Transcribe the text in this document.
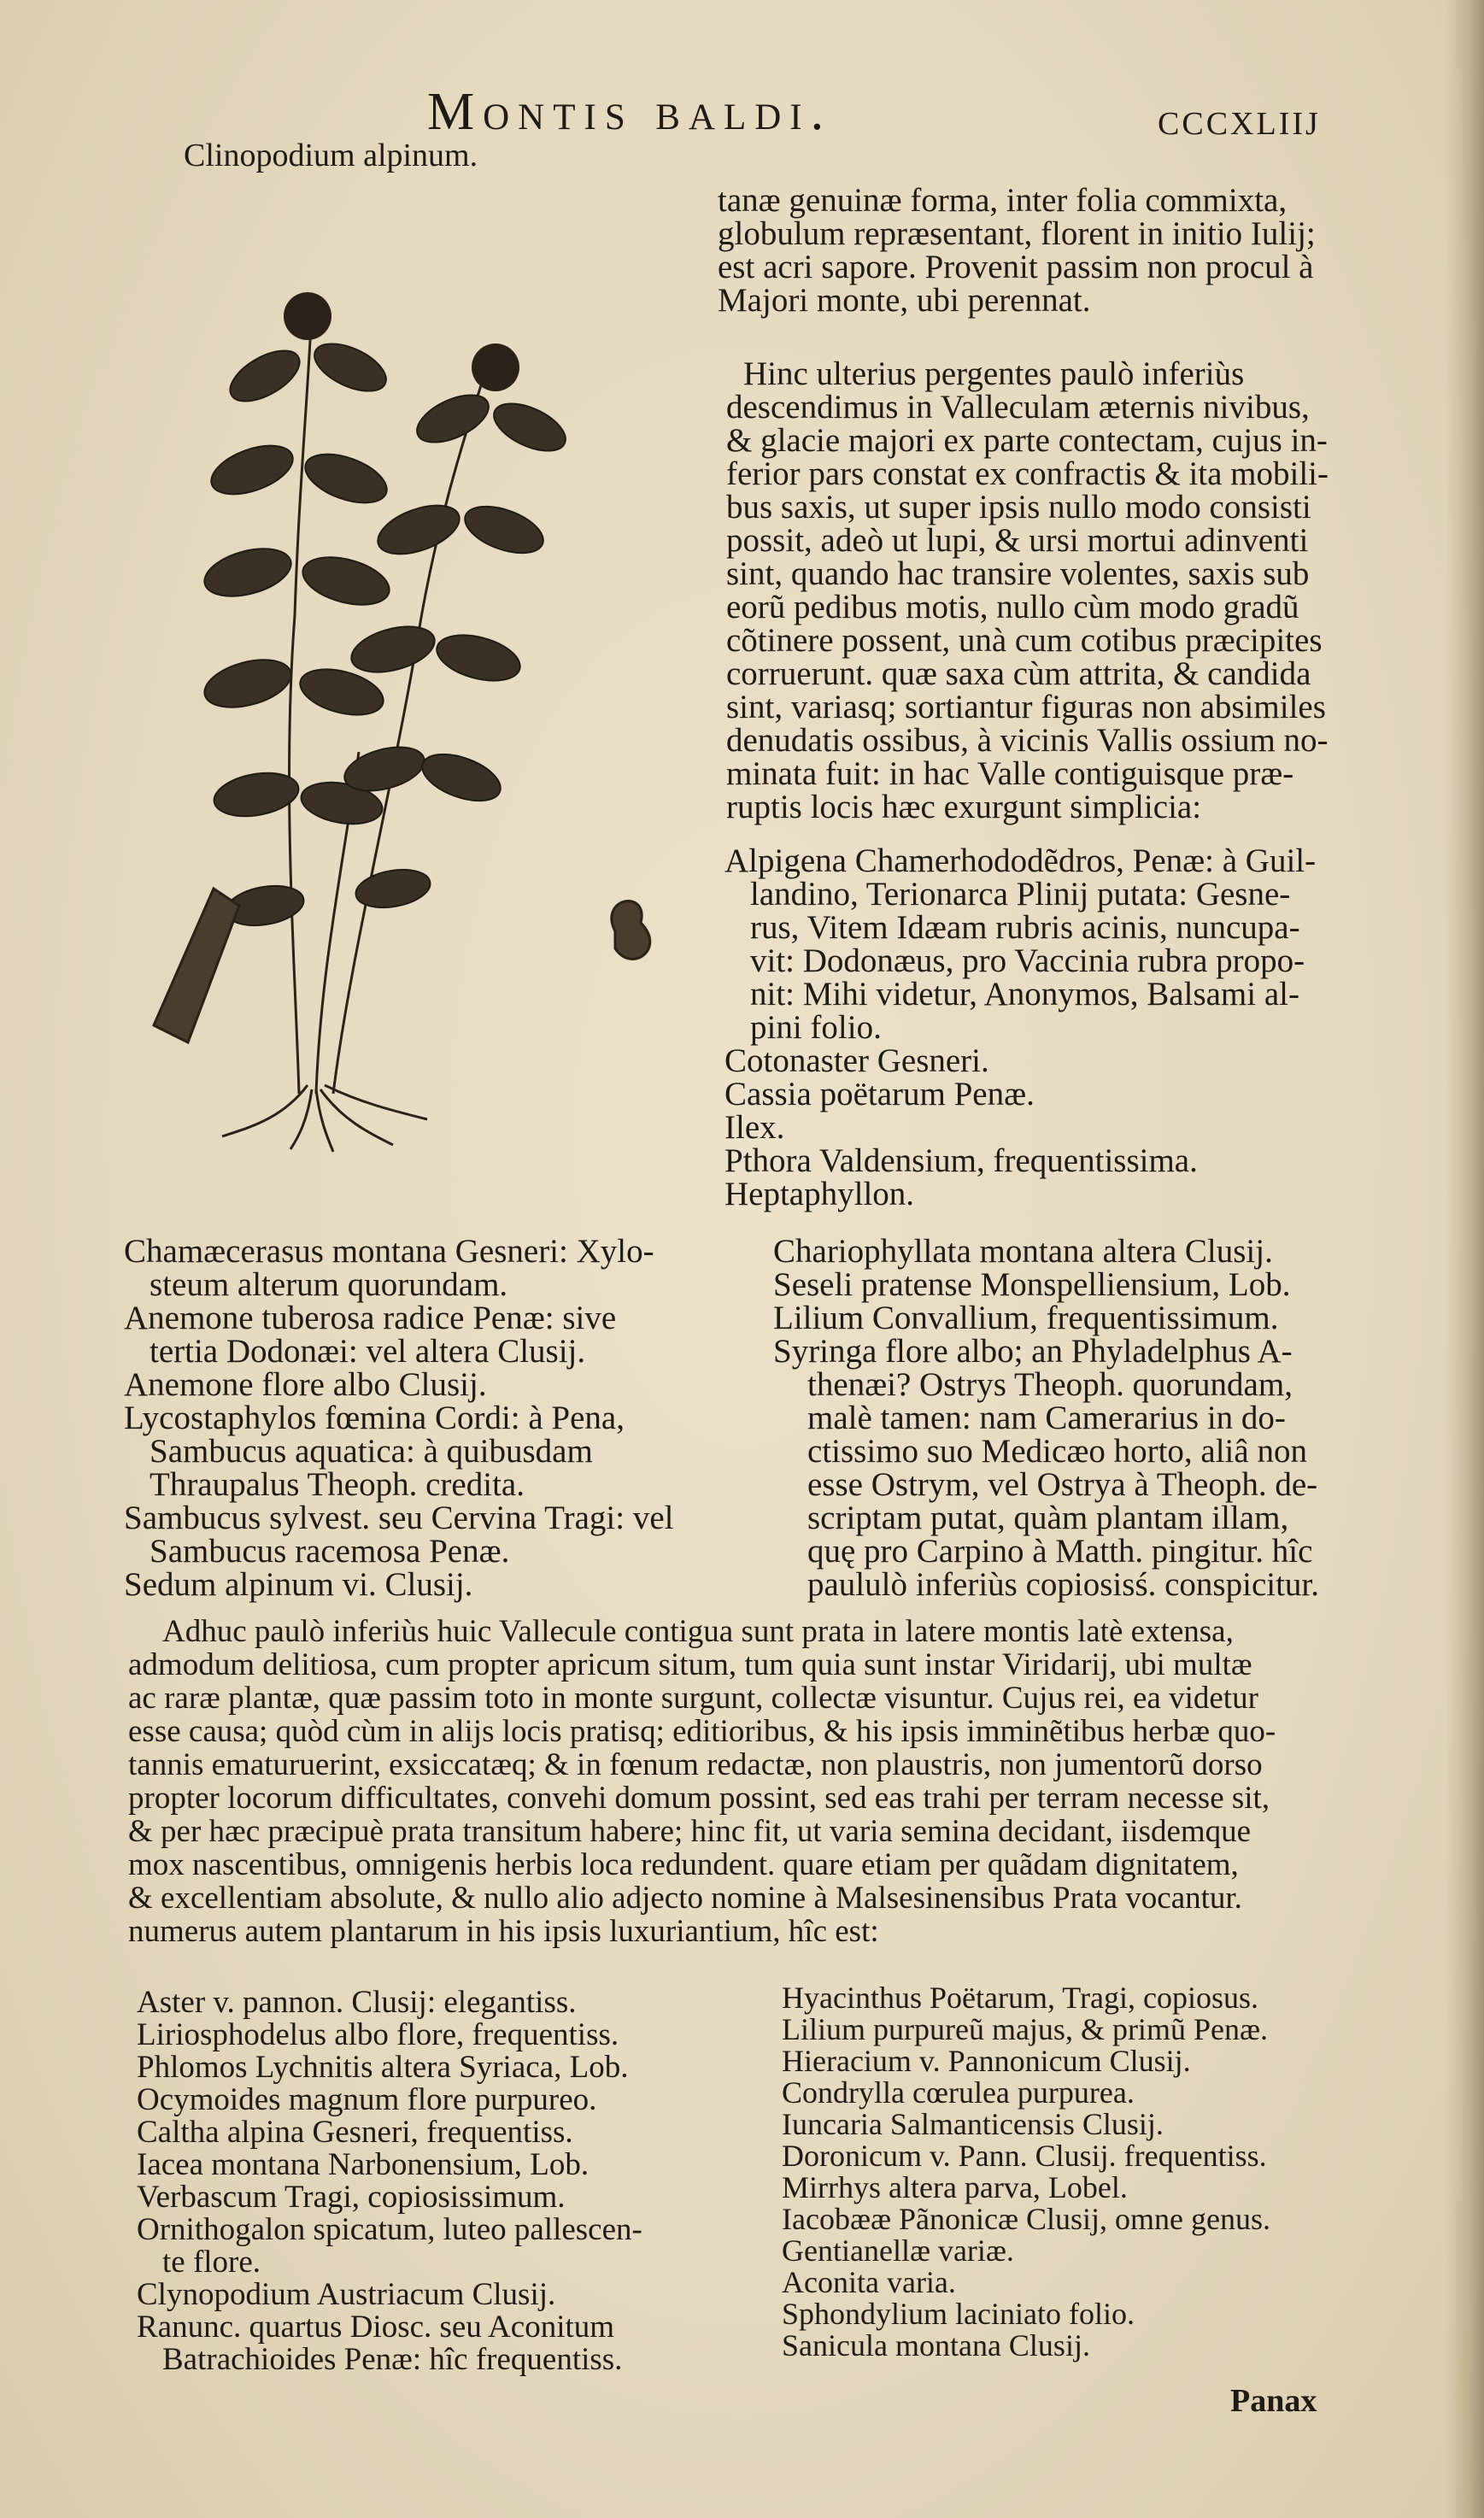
Montis baldi.	cccxliij
Clinopodium alpinum.
tanæ genuinæ forma, inter folia commixta,
globulum repræsentant, florent in initio Iulij;
est acri sapore. Provenit passim non procul à
Majori monte, ubi perennat.
Hinc ulterius pergentes paulò inferiùs
descendimus in Valleculam æternis nivibus,
& glacie majori ex parte contectam, cujus in-
ferior pars constat ex confractis & ita mobili-
bus saxis, ut super ipsis nullo modo consisti
possit, adeò ut lupi, & ursi mortui adinventi
sint, quando hac transire volentes, saxis sub
eorũ pedibus motis, nullo cùm modo gradũ
cõtinere possent, unà cum cotibus præcipites
corruerunt. quæ saxa cùm attrita, & candida
sint, variasq; sortiantur figuras non absimiles
denudatis ossibus, à vicinis Vallis ossium no-
minata fuit: in hac Valle contiguisque præ-
ruptis locis hæc exurgunt simplicia:
Alpigena Chamerhododẽdros, Penæ: à Guil-
landino, Terionarca Plinij putata: Gesne-
rus, Vitem Idæam rubris acinis, nuncupa-
vit: Dodonæus, pro Vaccinia rubra propo-
nit: Mihi videtur, Anonymos, Balsami al-
pini folio.
Cotonaster Gesneri.
Cassia poëtarum Penæ.
Ilex.
Pthora Valdensium, frequentissima.
Heptaphyllon.
Chamæcerasus montana Gesneri: Xylo-
steum alterum quorundam.
Anemone tuberosa radice Penæ: sive
tertia Dodonæi: vel altera Clusij.
Anemone flore albo Clusij.
Lycostaphylos fœmina Cordi: à Pena,
Sambucus aquatica: à quibusdam
Thraupalus Theoph. credita.
Sambucus sylvest. seu Cervina Tragi: vel
Sambucus racemosa Penæ.
Sedum alpinum vi. Clusij.
Chariophyllata montana altera Clusij.
Seseli pratense Monspelliensium, Lob.
Lilium Convallium, frequentissimum.
Syringa flore albo; an Phyladelphus A-
thenæi? Ostrys Theoph. quorundam,
malè tamen: nam Camerarius in do-
ctissimo suo Medicæo horto, aliâ non
esse Ostrym, vel Ostrya à Theoph. de-
scriptam putat, quàm plantam illam,
quę pro Carpino à Matth. pingitur. hîc
paululò inferiùs copiosisś. conspicitur.
Adhuc paulò inferiùs huic Vallecule contigua sunt prata in latere montis latè extensa,
admodum delitiosa, cum propter apricum situm, tum quia sunt instar Viridarij, ubi multæ
ac raræ plantæ, quæ passim toto in monte surgunt, collectæ visuntur. Cujus rei, ea videtur
esse causa; quòd cùm in alijs locis pratisq; editioribus, & his ipsis imminẽtibus herbæ quo-
tannis ematuruerint, exsiccatæq; & in fœnum redactæ, non plaustris, non jumentorũ dorso
propter locorum difficultates, convehi domum possint, sed eas trahi per terram necesse sit,
& per hæc præcipuè prata transitum habere; hinc fit, ut varia semina decidant, iisdemque
mox nascentibus, omnigenis herbis loca redundent. quare etiam per quãdam dignitatem,
& excellentiam absolute, & nullo alio adjecto nomine à Malsesinensibus Prata vocantur.
numerus autem plantarum in his ipsis luxuriantium, hîc est:
Aster v. pannon. Clusij: elegantiss.
Liriosphodelus albo flore, frequentiss.
Phlomos Lychnitis altera Syriaca, Lob.
Ocymoides magnum flore purpureo.
Caltha alpina Gesneri, frequentiss.
Iacea montana Narbonensium, Lob.
Verbascum Tragi, copiosissimum.
Ornithogalon spicatum, luteo pallescen-
te flore.
Clynopodium Austriacum Clusij.
Ranunc. quartus Diosc. seu Aconitum
Batrachioides Penæ: hîc frequentiss.
Hyacinthus Poëtarum, Tragi, copiosus.
Lilium purpureũ majus, & primũ Penæ.
Hieracium v. Pannonicum Clusij.
Condrylla cœrulea purpurea.
Iuncaria Salmanticensis Clusij.
Doronicum v. Pann. Clusij. frequentiss.
Mirrhys altera parva, Lobel.
Iacobææ Pãnonicæ Clusij, omne genus.
Gentianellæ variæ.
Aconita varia.
Sphondylium laciniato folio.
Sanicula montana Clusij.
Panax
